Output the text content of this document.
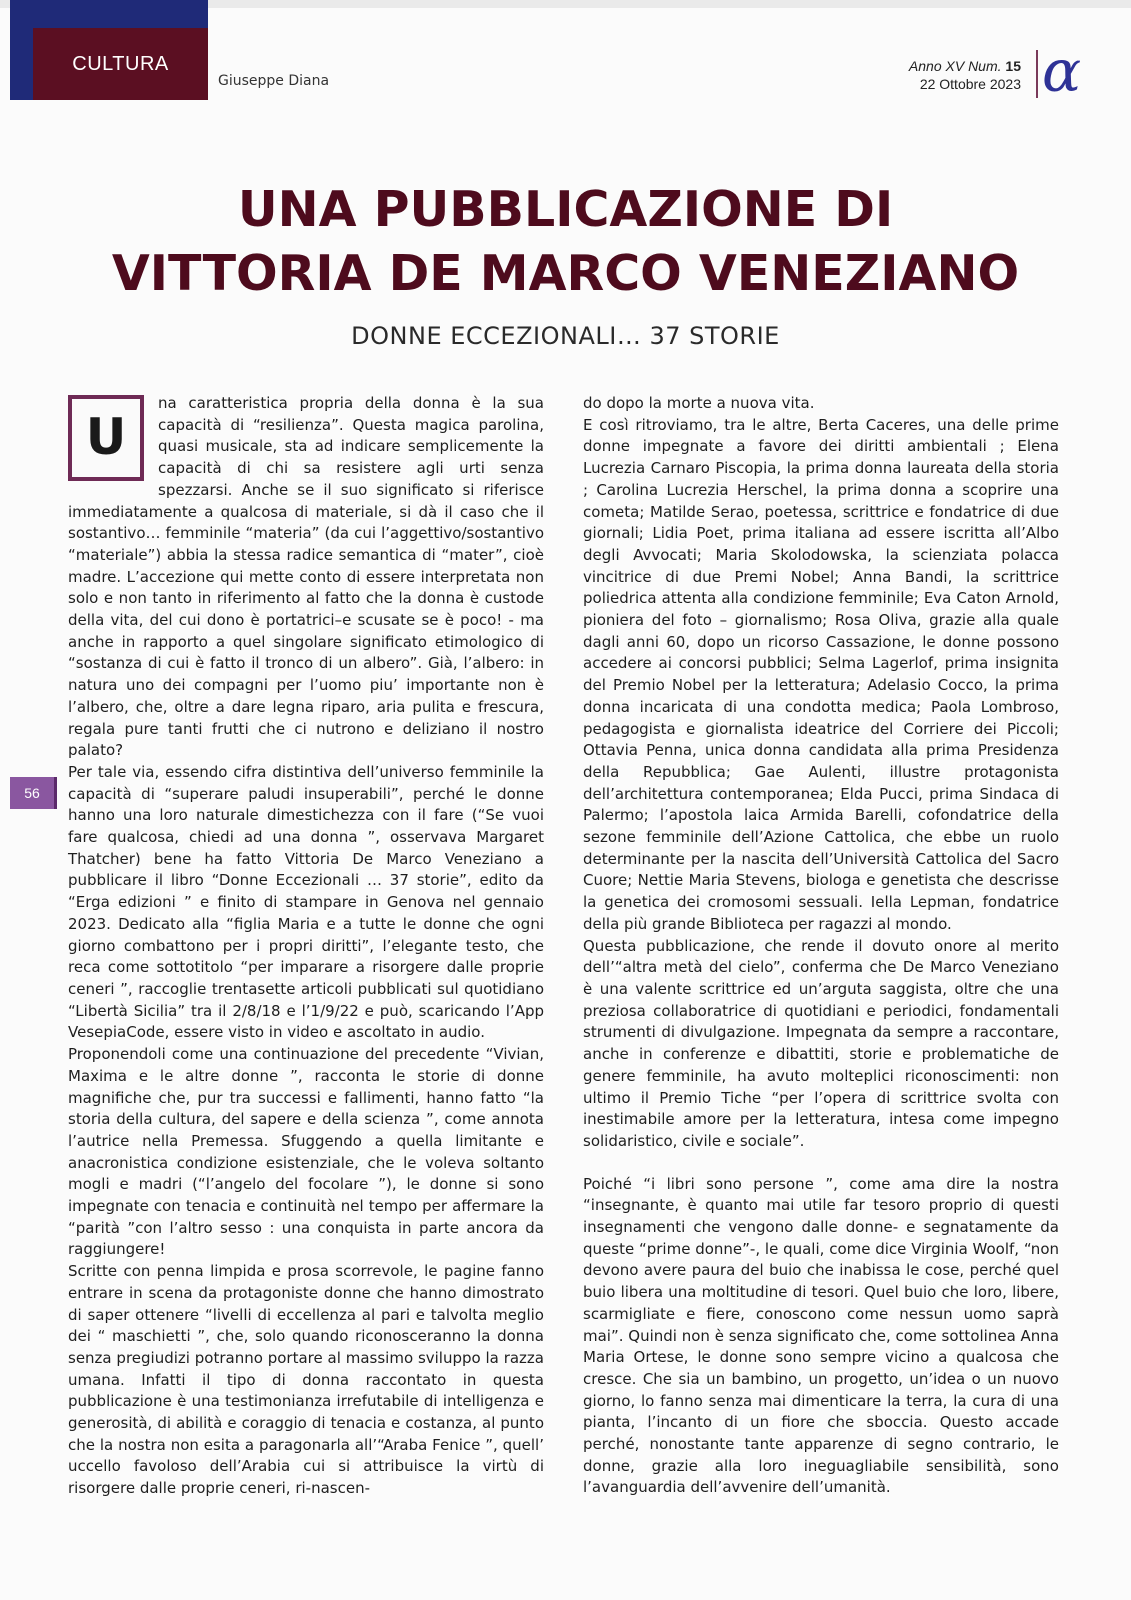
CULTURA
Giuseppe Diana
Anno XV Num. 15
22 Ottobre 2023 α
UNA PUBBLICAZIONE DI
VITTORIA DE MARCO VENEZIANO
DONNE ECCEZIONALI… 37 STORIE
U

na caratteristica propria della donna è la sua capacità di “resilienza”. Questa magica parolina, quasi musicale, sta ad indicare semplicemente la capacità di chi sa resistere agli urti senza spezzarsi. Anche se il suo significato si riferisce immediatamente a qualcosa di materiale, si dà il caso che il sostantivo… femminile “materia” (da cui l’aggettivo/sostantivo “materiale”) abbia la stessa radice semantica di “mater”, cioè madre. L’accezione qui mette conto di essere interpretata non solo e non tanto in riferimento al fatto che la donna è custode della vita, del cui dono è portatrici–e scusate se è poco! - ma anche in rapporto a quel singolare significato etimologico di “sostanza di cui è fatto il tronco di un albero”. Già, l’albero: in natura uno dei compagni per l’uomo piu’ importante non è l’albero, che, oltre a dare legna riparo, aria pulita e frescura, regala pure tanti frutti che ci nutrono e deliziano il nostro palato?

Per tale via, essendo cifra distintiva dell’universo femminile la capacità di “superare paludi insuperabili”, perché le donne hanno una loro naturale dimestichezza con il fare (“Se vuoi fare qualcosa, chiedi ad una donna ”, osservava Margaret Thatcher) bene ha fatto Vittoria De Marco Veneziano a pubblicare il libro “Donne Eccezionali … 37 storie”, edito da “Erga edizioni ” e finito di stampare in Genova nel gennaio 2023. Dedicato alla “figlia Maria e a tutte le donne che ogni giorno combattono per i propri diritti”, l’elegante testo, che reca come sottotitolo “per imparare a risorgere dalle proprie ceneri ”, raccoglie trentasette articoli pubblicati sul quotidiano “Libertà Sicilia” tra il 2/8/18 e l’1/9/22 e può, scaricando l’App VesepiaCode, essere visto in video e ascoltato in audio.

Proponendoli come una continuazione del precedente “Vivian, Maxima e le altre donne ”, racconta le storie di donne magnifiche che, pur tra successi e fallimenti, hanno fatto “la storia della cultura, del sapere e della scienza ”, come annota l’autrice nella Premessa. Sfuggendo a quella limitante e anacronistica condizione esistenziale, che le voleva soltanto mogli e madri (“l’angelo del focolare ”), le donne si sono impegnate con tenacia e continuità nel tempo per affermare la “parità ”con l’altro sesso : una conquista in parte ancora da raggiungere!

Scritte con penna limpida e prosa scorrevole, le pagine fanno entrare in scena da protagoniste donne che hanno dimostrato di saper ottenere “livelli di eccellenza al pari e talvolta meglio dei “ maschietti ”, che, solo quando riconosceranno la donna senza pregiudizi potranno portare al massimo sviluppo la razza umana. Infatti il tipo di donna raccontato in questa pubblicazione è una testimonianza irrefutabile di intelligenza e generosità, di abilità e coraggio di tenacia e costanza, al punto che la nostra non esita a paragonarla all’“Araba Fenice ”, quell’ uccello favoloso dell’Arabia cui si attribuisce la virtù di risorgere dalle proprie ceneri, ri-nascen-

do dopo la morte a nuova vita.

E così ritroviamo, tra le altre, Berta Caceres, una delle prime donne impegnate a favore dei diritti ambientali ; Elena Lucrezia Carnaro Piscopia, la prima donna laureata della storia ; Carolina Lucrezia Herschel, la prima donna a scoprire una cometa; Matilde Serao, poetessa, scrittrice e fondatrice di due giornali; Lidia Poet, prima italiana ad essere iscritta all’Albo degli Avvocati; Maria Skolodowska, la scienziata polacca vincitrice di due Premi Nobel; Anna Bandi, la scrittrice poliedrica attenta alla condizione femminile; Eva Caton Arnold, pioniera del foto – giornalismo; Rosa Oliva, grazie alla quale dagli anni 60, dopo un ricorso Cassazione, le donne possono accedere ai concorsi pubblici; Selma Lagerlof, prima insignita del Premio Nobel per la letteratura; Adelasio Cocco, la prima donna incaricata di una condotta medica; Paola Lombroso, pedagogista e giornalista ideatrice del Corriere dei Piccoli; Ottavia Penna, unica donna candidata alla prima Presidenza della Repubblica; Gae Aulenti, illustre protagonista dell’architettura contemporanea; Elda Pucci, prima Sindaca di Palermo; l’apostola laica Armida Barelli, cofondatrice della sezone femminile dell’Azione Cattolica, che ebbe un ruolo determinante per la nascita dell’Università Cattolica del Sacro Cuore; Nettie Maria Stevens, biologa e genetista che descrisse la genetica dei cromosomi sessuali. Iella Lepman, fondatrice della più grande Biblioteca per ragazzi al mondo.

Questa pubblicazione, che rende il dovuto onore al merito dell’“altra metà del cielo”, conferma che De Marco Veneziano è una valente scrittrice ed un’arguta saggista, oltre che una preziosa collaboratrice di quotidiani e periodici, fondamentali strumenti di divulgazione. Impegnata da sempre a raccontare, anche in conferenze e dibattiti, storie e problematiche de genere femminile, ha avuto molteplici riconoscimenti: non ultimo il Premio Tiche “per l’opera di scrittrice svolta con inestimabile amore per la letteratura, intesa come impegno solidaristico, civile e sociale”.

Poiché “i libri sono persone ”, come ama dire la nostra “insegnante, è quanto mai utile far tesoro proprio di questi insegnamenti che vengono dalle donne- e segnatamente da queste “prime donne”-, le quali, come dice Virginia Woolf, “non devono avere paura del buio che inabissa le cose, perché quel buio libera una moltitudine di tesori. Quel buio che loro, libere, scarmigliate e fiere, conoscono come nessun uomo saprà mai”. Quindi non è senza significato che, come sottolinea Anna Maria Ortese, le donne sono sempre vicino a qualcosa che cresce. Che sia un bambino, un progetto, un’idea o un nuovo giorno, lo fanno senza mai dimenticare la terra, la cura di una pianta, l’incanto di un fiore che sboccia. Questo accade perché, nonostante tante apparenze di segno contrario, le donne, grazie alla loro ineguagliabile sensibilità, sono l’avanguardia dell’avvenire dell’umanità.

56
